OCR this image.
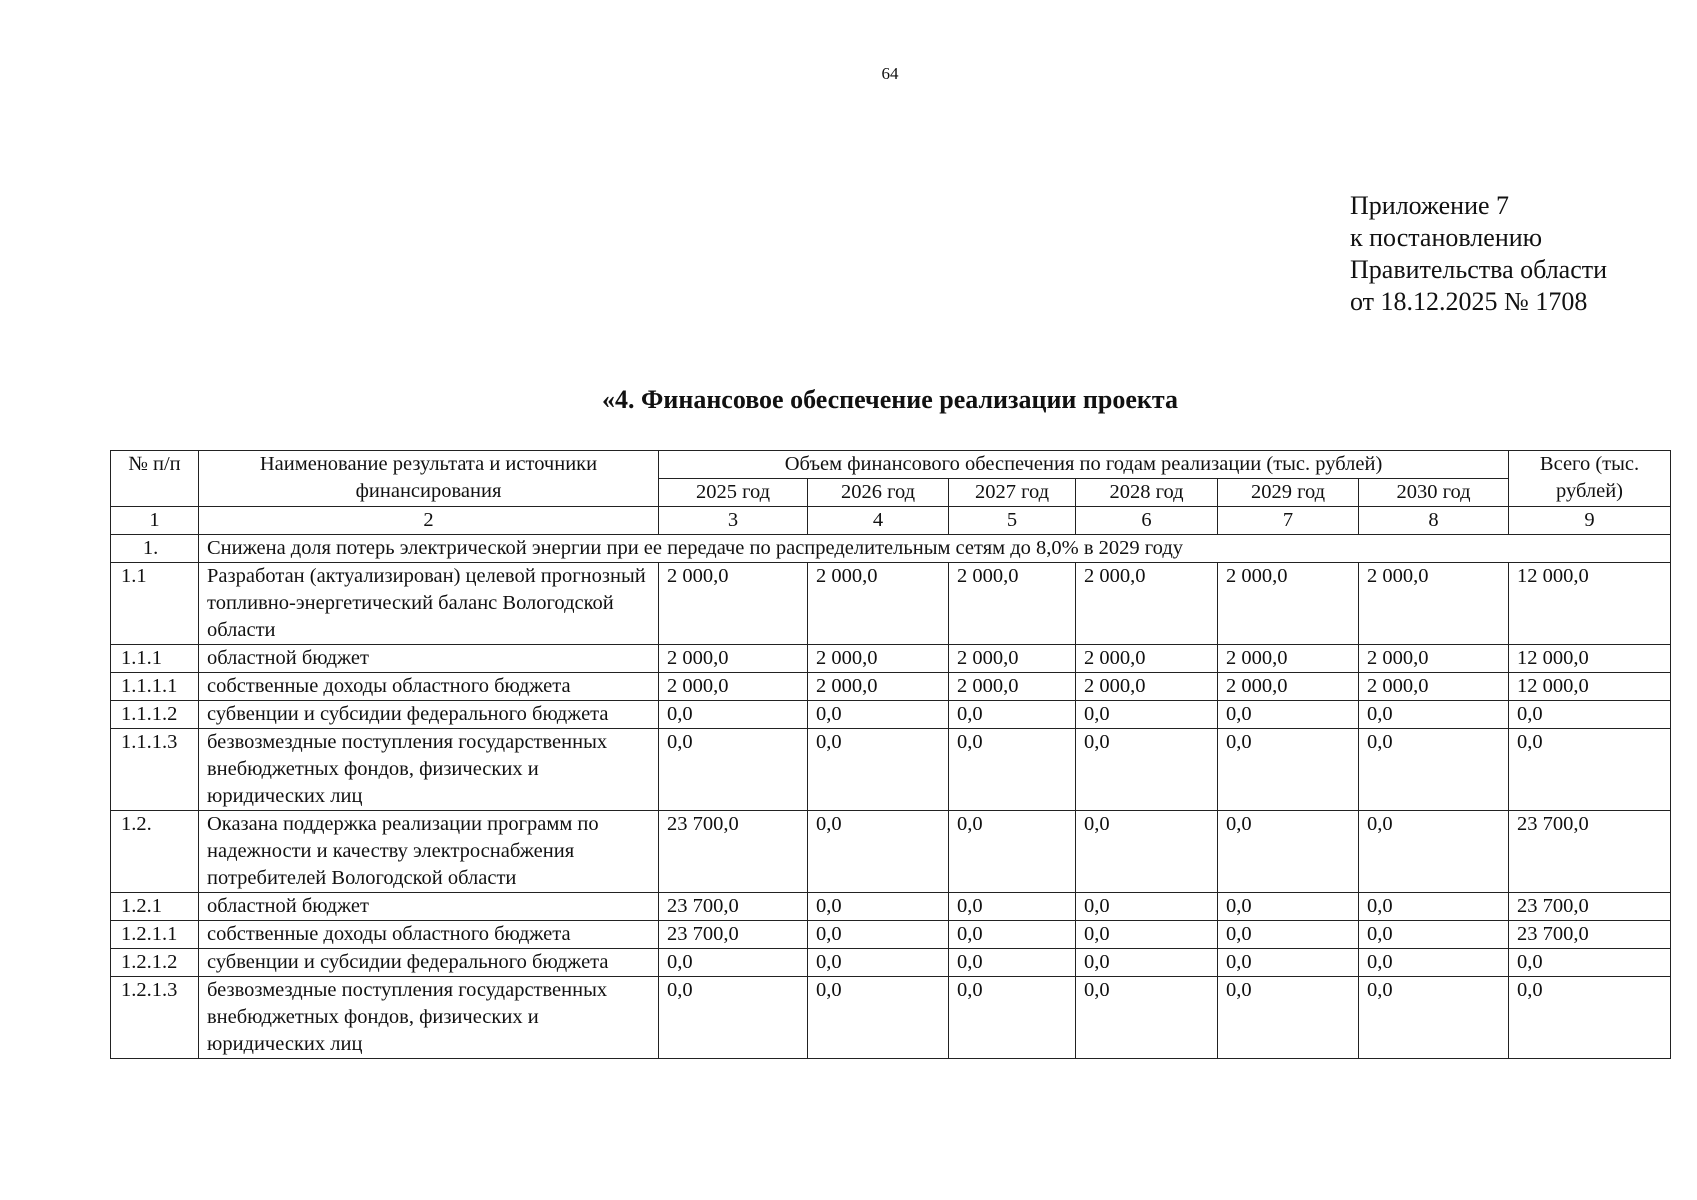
64
Приложение 7
к постановлению
Правительства области
от 18.12.2025 № 1708
«4. Финансовое обеспечение реализации проекта
№ п/п	Наименование результата и источники финансирования	Объем финансового обеспечения по годам реализации (тыс. рублей)						Всего (тыс. рублей)
		2025 год	2026 год	2027 год	2028 год	2029 год	2030 год	
1	2	3	4	5	6	7	8	9
1.	Снижена доля потерь электрической энергии при ее передаче по распределительным сетям до 8,0% в 2029 году							
1.1	Разработан (актуализирован) целевой прогнозный топливно-энергетический баланс Вологодской области	2 000,0	2 000,0	2 000,0	2 000,0	2 000,0	2 000,0	12 000,0
1.1.1	областной бюджет	2 000,0	2 000,0	2 000,0	2 000,0	2 000,0	2 000,0	12 000,0
1.1.1.1	собственные доходы областного бюджета	2 000,0	2 000,0	2 000,0	2 000,0	2 000,0	2 000,0	12 000,0
1.1.1.2	субвенции и субсидии федерального бюджета	0,0	0,0	0,0	0,0	0,0	0,0	0,0
1.1.1.3	безвозмездные поступления государственных внебюджетных фондов, физических и юридических лиц	0,0	0,0	0,0	0,0	0,0	0,0	0,0
1.2.	Оказана поддержка реализации программ по надежности и качеству электроснабжения потребителей Вологодской области	23 700,0	0,0	0,0	0,0	0,0	0,0	23 700,0
1.2.1	областной бюджет	23 700,0	0,0	0,0	0,0	0,0	0,0	23 700,0
1.2.1.1	собственные доходы областного бюджета	23 700,0	0,0	0,0	0,0	0,0	0,0	23 700,0
1.2.1.2	субвенции и субсидии федерального бюджета	0,0	0,0	0,0	0,0	0,0	0,0	0,0
1.2.1.3	безвозмездные поступления государственных внебюджетных фондов, физических и юридических лиц	0,0	0,0	0,0	0,0	0,0	0,0	0,0
